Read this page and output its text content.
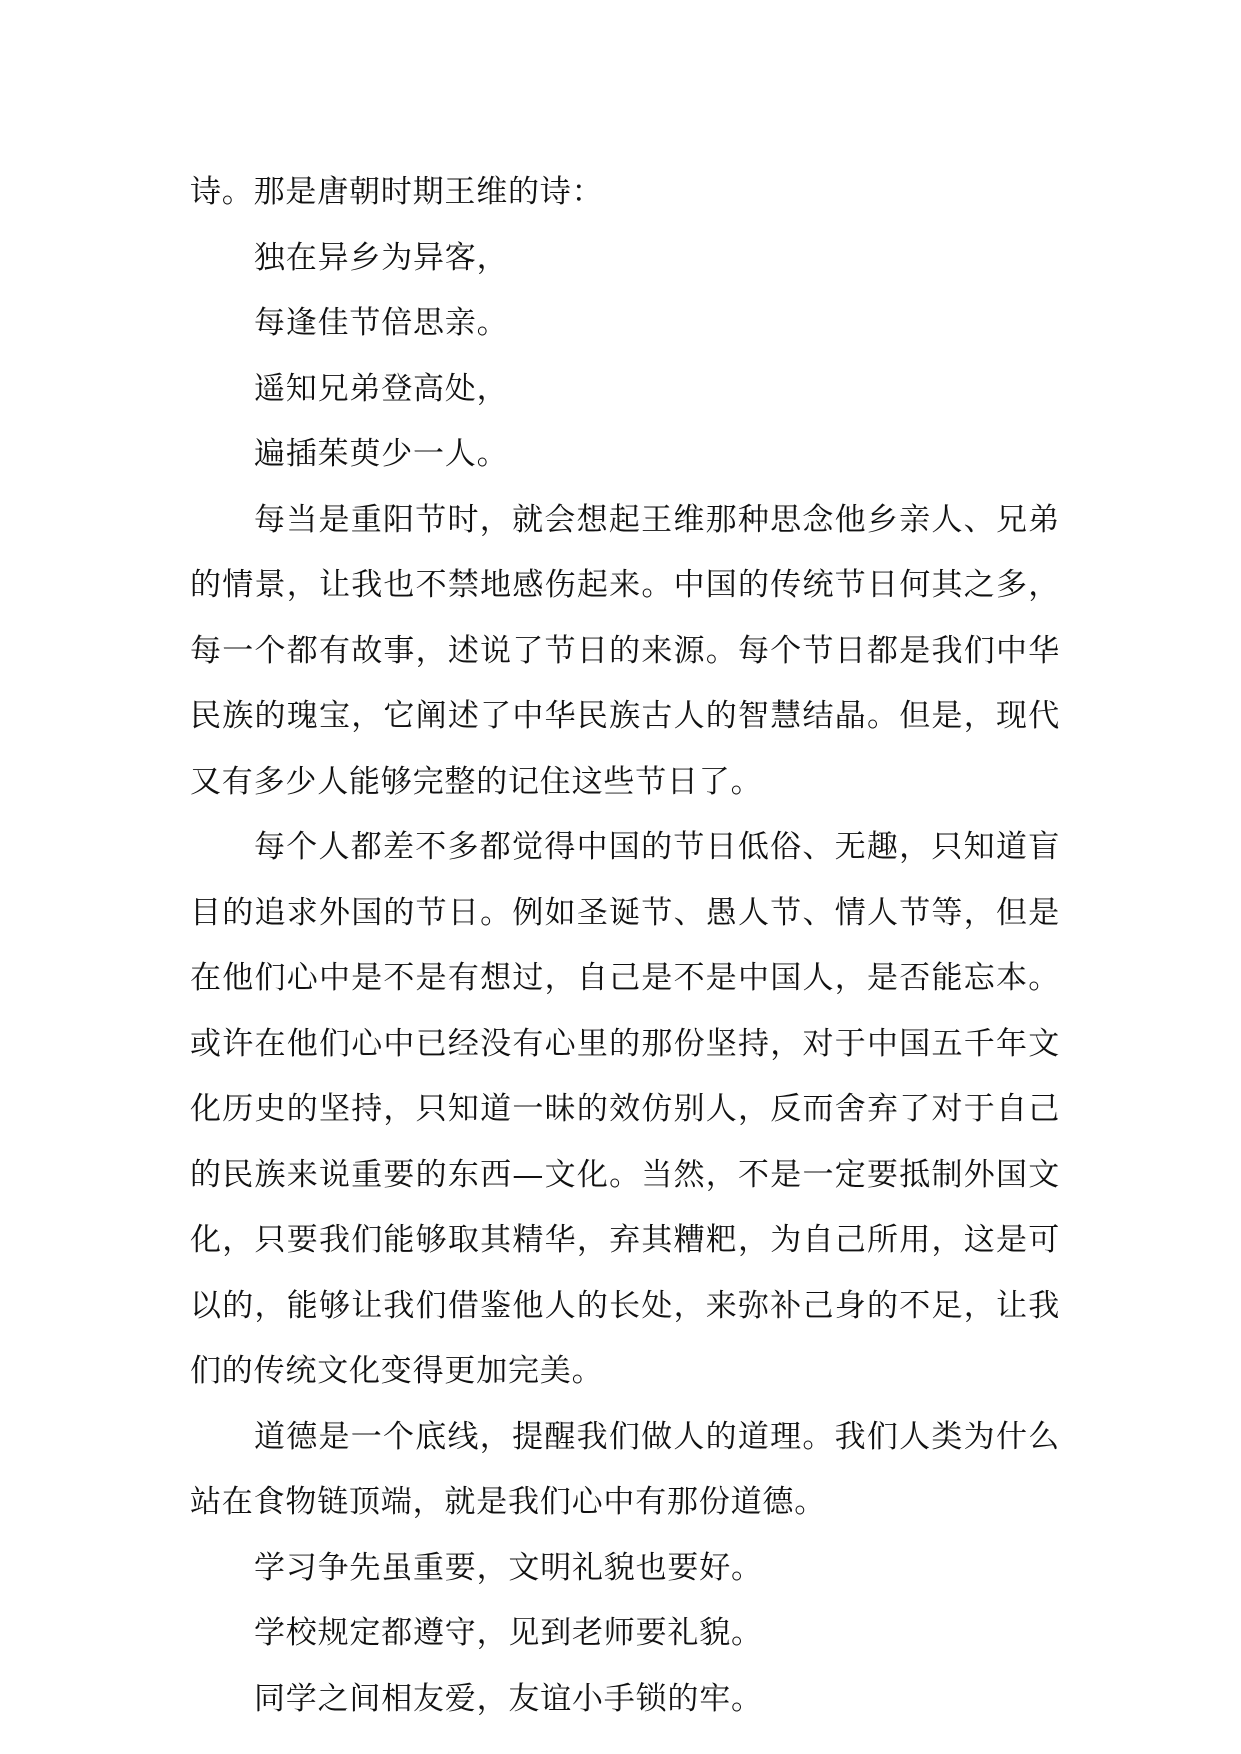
诗。那是唐朝时期王维的诗：

独在异乡为异客，

每逢佳节倍思亲。

遥知兄弟登高处，

遍插茱萸少一人。

每当是重阳节时，就会想起王维那种思念他乡亲人、兄弟的情景，让我也不禁地感伤起来。中国的传统节日何其之多，每一个都有故事，述说了节日的来源。每个节日都是我们中华民族的瑰宝，它阐述了中华民族古人的智慧结晶。但是，现代又有多少人能够完整的记住这些节日了。

每个人都差不多都觉得中国的节日低俗、无趣，只知道盲目的追求外国的节日。例如圣诞节、愚人节、情人节等，但是在他们心中是不是有想过，自己是不是中国人，是否能忘本。或许在他们心中已经没有心里的那份坚持，对于中国五千年文化历史的坚持，只知道一昧的效仿别人，反而舍弃了对于自己的民族来说重要的东西—文化。当然，不是一定要抵制外国文化，只要我们能够取其精华，弃其糟粑，为自己所用，这是可以的，能够让我们借鉴他人的长处，来弥补己身的不足，让我们的传统文化变得更加完美。

道德是一个底线，提醒我们做人的道理。我们人类为什么站在食物链顶端，就是我们心中有那份道德。

学习争先虽重要，文明礼貌也要好。

学校规定都遵守，见到老师要礼貌。

同学之间相友爱，友谊小手锁的牢。
